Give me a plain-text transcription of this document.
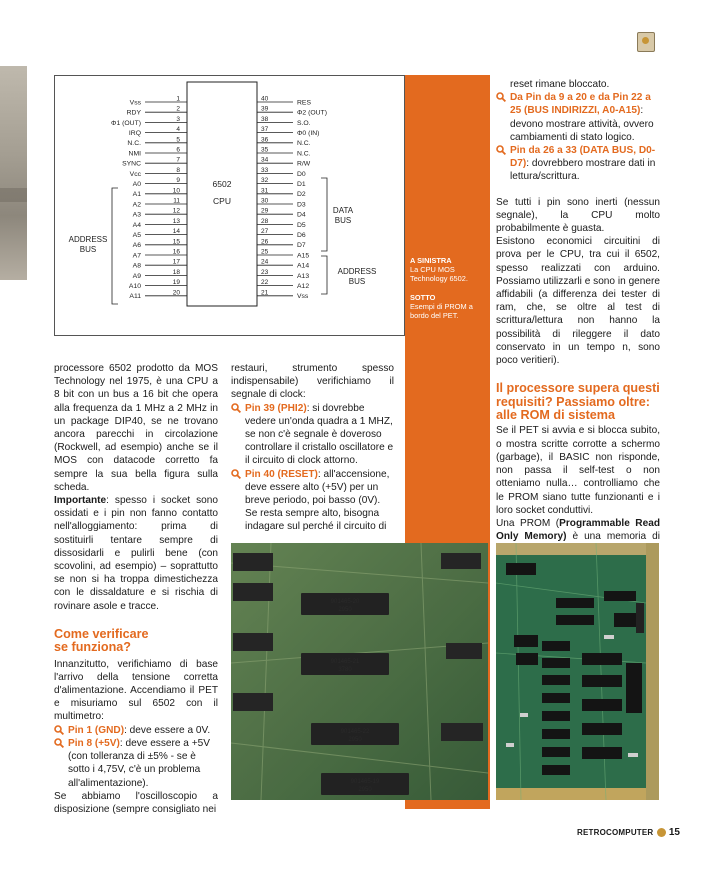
6502
CPU
ADDRESS
BUS
DATA
BUS
ADDRESS
BUS
1
Vss
2
RDY
3
Φ1 (OUT)
4
IRQ
5
N.C.
6
NMI
7
SYNC
8
Vcc
9
A0
10
A1
11
A2
12
A3
13
A4
14
A5
15
A6
16
A7
17
A8
18
A9
19
A10
20
A11
40
RES
39
Φ2 (OUT)
38
S.O.
37
Φ0 (IN)
36
N.C.
35
N.C.
34
R/W
33
D0
32
D1
31
D2
30
D3
29
D4
28
D5
27
D6
26
D7
25
A15
24
A14
23
A13
22
A12
21
Vss
A SINISTRA
La CPU MOS Technology 6502.
SOTTO
Esempi di PROM a bordo del PET.

processore 6502 prodotto da MOS Technology nel 1975, è una CPU a 8 bit con un bus a 16 bit che opera alla frequenza da 1 MHz a 2 MHz in un package DIP40, se ne trovano ancora parecchi in circolazione (Rockwell, ad esempio) anche se il MOS con datacode corretto fa sempre la sua bella figura sulla scheda.

Importante: spesso i socket sono ossidati e i pin non fanno contatto nell'alloggiamento: prima di sostituirli tentare sempre di dissosidarli e pulirli bene (con scovolini, ad esempio) – soprattutto se non si ha troppa dimestichezza con le dissaldature e si rischia di rovinare asole e tracce.

Come verificare se funziona?

Innanzitutto, verifichiamo di base l'arrivo della tensione corretta d'alimentazione. Accendiamo il PET e misuriamo sul 6502 con il multimetro:

Pin 1 (GND): deve essere a 0V.
Pin 8 (+5V): deve essere a +5V (con tolleranza di ±5% - se è sotto i 4,75V, c'è un problema all'alimentazione).

Se abbiamo l'oscilloscopio a disposizione (sempre consigliato nei

restauri, strumento spesso indispensabile) verifichiamo il segnale di clock:

Pin 39 (PHI2): si dovrebbe vedere un'onda quadra a 1 MHZ, se non c'è segnale è doveroso controllare il cristallo oscillatore e il circuito di clock attorno.
Pin 40 (RESET): all'accensione, deve essere alto (+5V) per un breve periodo, poi basso (0V). Se resta sempre alto, bisogna indagare sul perché il circuito di

reset rimane bloccato.

Da Pin da 9 a 20 e da Pin 22 a 25 (BUS INDIRIZZI, A0-A15): devono mostrare attività, ovvero cambiamenti di stato logico.
Pin da 26 a 33 (DATA BUS, D0-D7): dovrebbero mostrare dati in lettura/scrittura.

Se tutti i pin sono inerti (nessun segnale), la CPU molto probabilmente è guasta.

Esistono economici circuitini di prova per le CPU, tra cui il 6502, spesso realizzati con arduino. Possiamo utilizzarli e sono in genere affidabili (a differenza dei tester di ram, che, se oltre al test di scrittura/lettura non hanno la possibilità di rileggere il dato conservato in un tempo n, sono poco veritieri).

Il processore supera questi requisiti? Passiamo oltre: alle ROM di sistema

Se il PET si avvia e si blocca subito, o mostra scritte corrotte a schermo (garbage), il BASIC non risponde, non passa il self-test o non otteniamo nulla… controlliamo che le PROM siano tutte funzionanti e i loro socket conduttivi.

Una PROM (Programmable Read Only Memory) è una memoria di

901465-20
2950
901465-21
3780
901465-22
2950
901465-19
2950
RETROCOMPUTER 15
